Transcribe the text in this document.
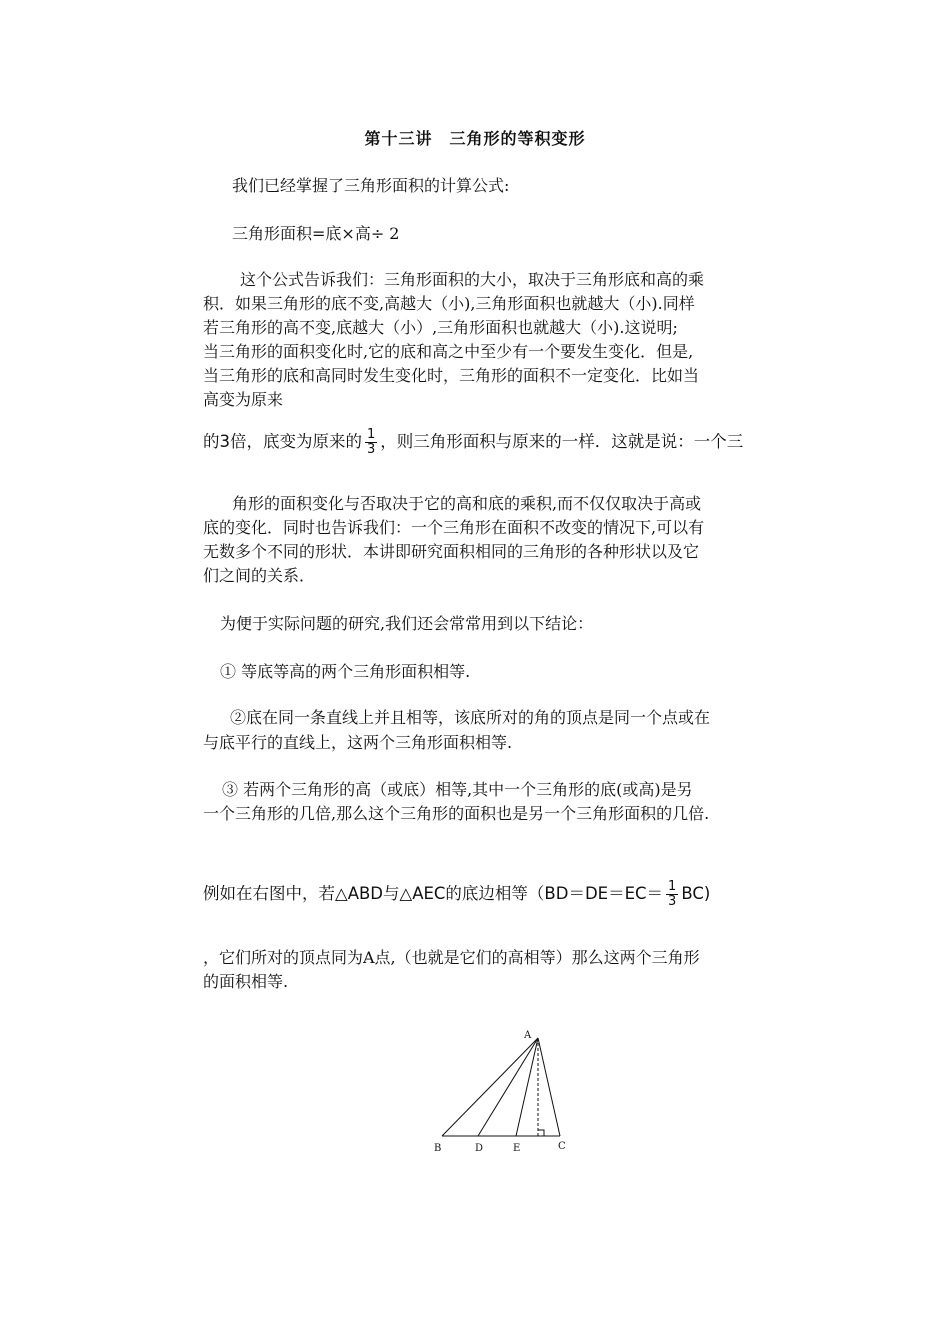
第十三讲　三角形的等积变形
我们已经掌握了三角形面积的计算公式:
三角形面积=底×高÷ 2
这个公式告诉我们：三角形面积的大小，取决于三角形底和高的乘
积．如果三角形的底不变,高越大（小),三角形面积也就越大（小).同样
若三角形的高不变,底越大（小）,三角形面积也就越大（小).这说明;
当三角形的面积变化时,它的底和高之中至少有一个要发生变化．但是,
当三角形的底和高同时发生变化时，三角形的面积不一定变化．比如当
高变为原来
的3倍，底变为原来的 $\frac{1}{3}$ ，则三角形面积与原来的一样．这就是说：一个三
角形的面积变化与否取决于它的高和底的乘积,而不仅仅取决于高或
底的变化．同时也告诉我们：一个三角形在面积不改变的情况下,可以有
无数多个不同的形状．本讲即研究面积相同的三角形的各种形状以及它
们之间的关系．
为便于实际问题的研究,我们还会常常用到以下结论：
① 等底等高的两个三角形面积相等.
②底在同一条直线上并且相等，该底所对的角的顶点是同一个点或在
与底平行的直线上，这两个三角形面积相等.
③ 若两个三角形的高（或底）相等,其中一个三角形的底(或高)是另
一个三角形的几倍,那么这个三角形的面积也是另一个三角形面积的几倍.
例如在右图中，若△ABD与△AEC的底边相等$(BD=DE=EC= \frac{1}{3} BC)$
，它们所对的顶点同为A点,（也就是它们的高相等）那么这两个三角形
的面积相等.
A
B	D	E	C
